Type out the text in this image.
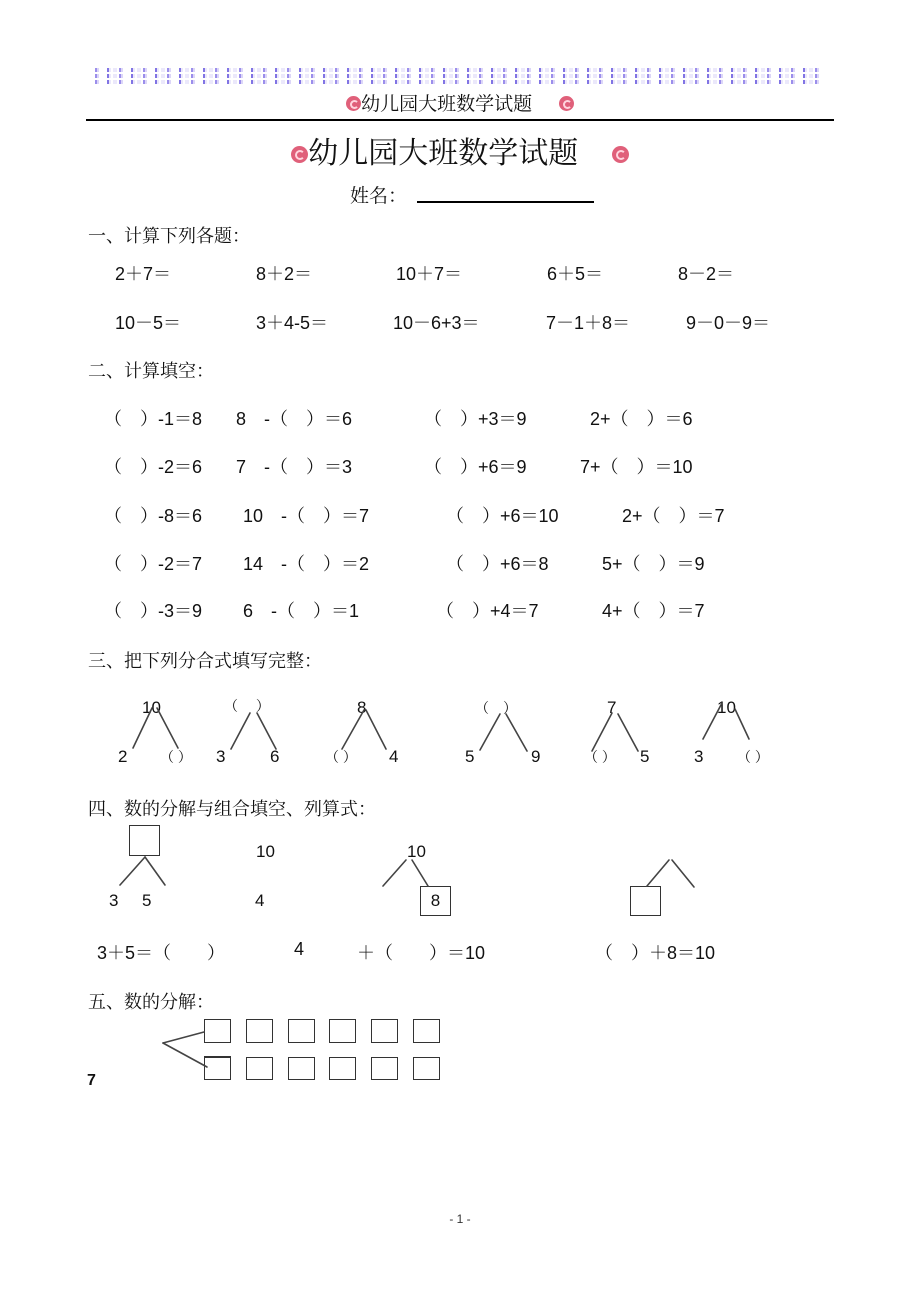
幼儿园大班数学试题
幼儿园大班数学试题
姓名：
一、计算下列各题：
2＋7＝	8＋2＝	10＋7＝	6＋5＝	8－2＝
10－5＝	3＋4-5＝	10－6+3＝	7－1＋8＝	9－0－9＝
二、计算填空：
（　）-1＝8 8　-（　）＝6	（　）+3＝9	2+（　）＝6
（　）-2＝6 7　-（　）＝3	（　）+6＝9	7+（　）＝10
（　）-8＝6 10　-（　）＝7	（　）+6＝10	2+（　）＝7
（　）-2＝7 14　-（　）＝2	（　）+6＝8	5+（　）＝9
（　）-3＝9 6　-（　）＝1	（　）+4＝7	4+（　）＝7
三、把下列分合式填写完整：
10
2 （ ）
（　 ）
3	6
8
（ ） 4
（　）
5	9
7
（ ） 5
10
3 （ ）
四、数的分解与组合填空、列算式：
3 5
10
4
10
8
3＋5＝（　　）	4	＋（　　）＝10	（　）＋8＝10
五、数的分解：
7
- 1 -
